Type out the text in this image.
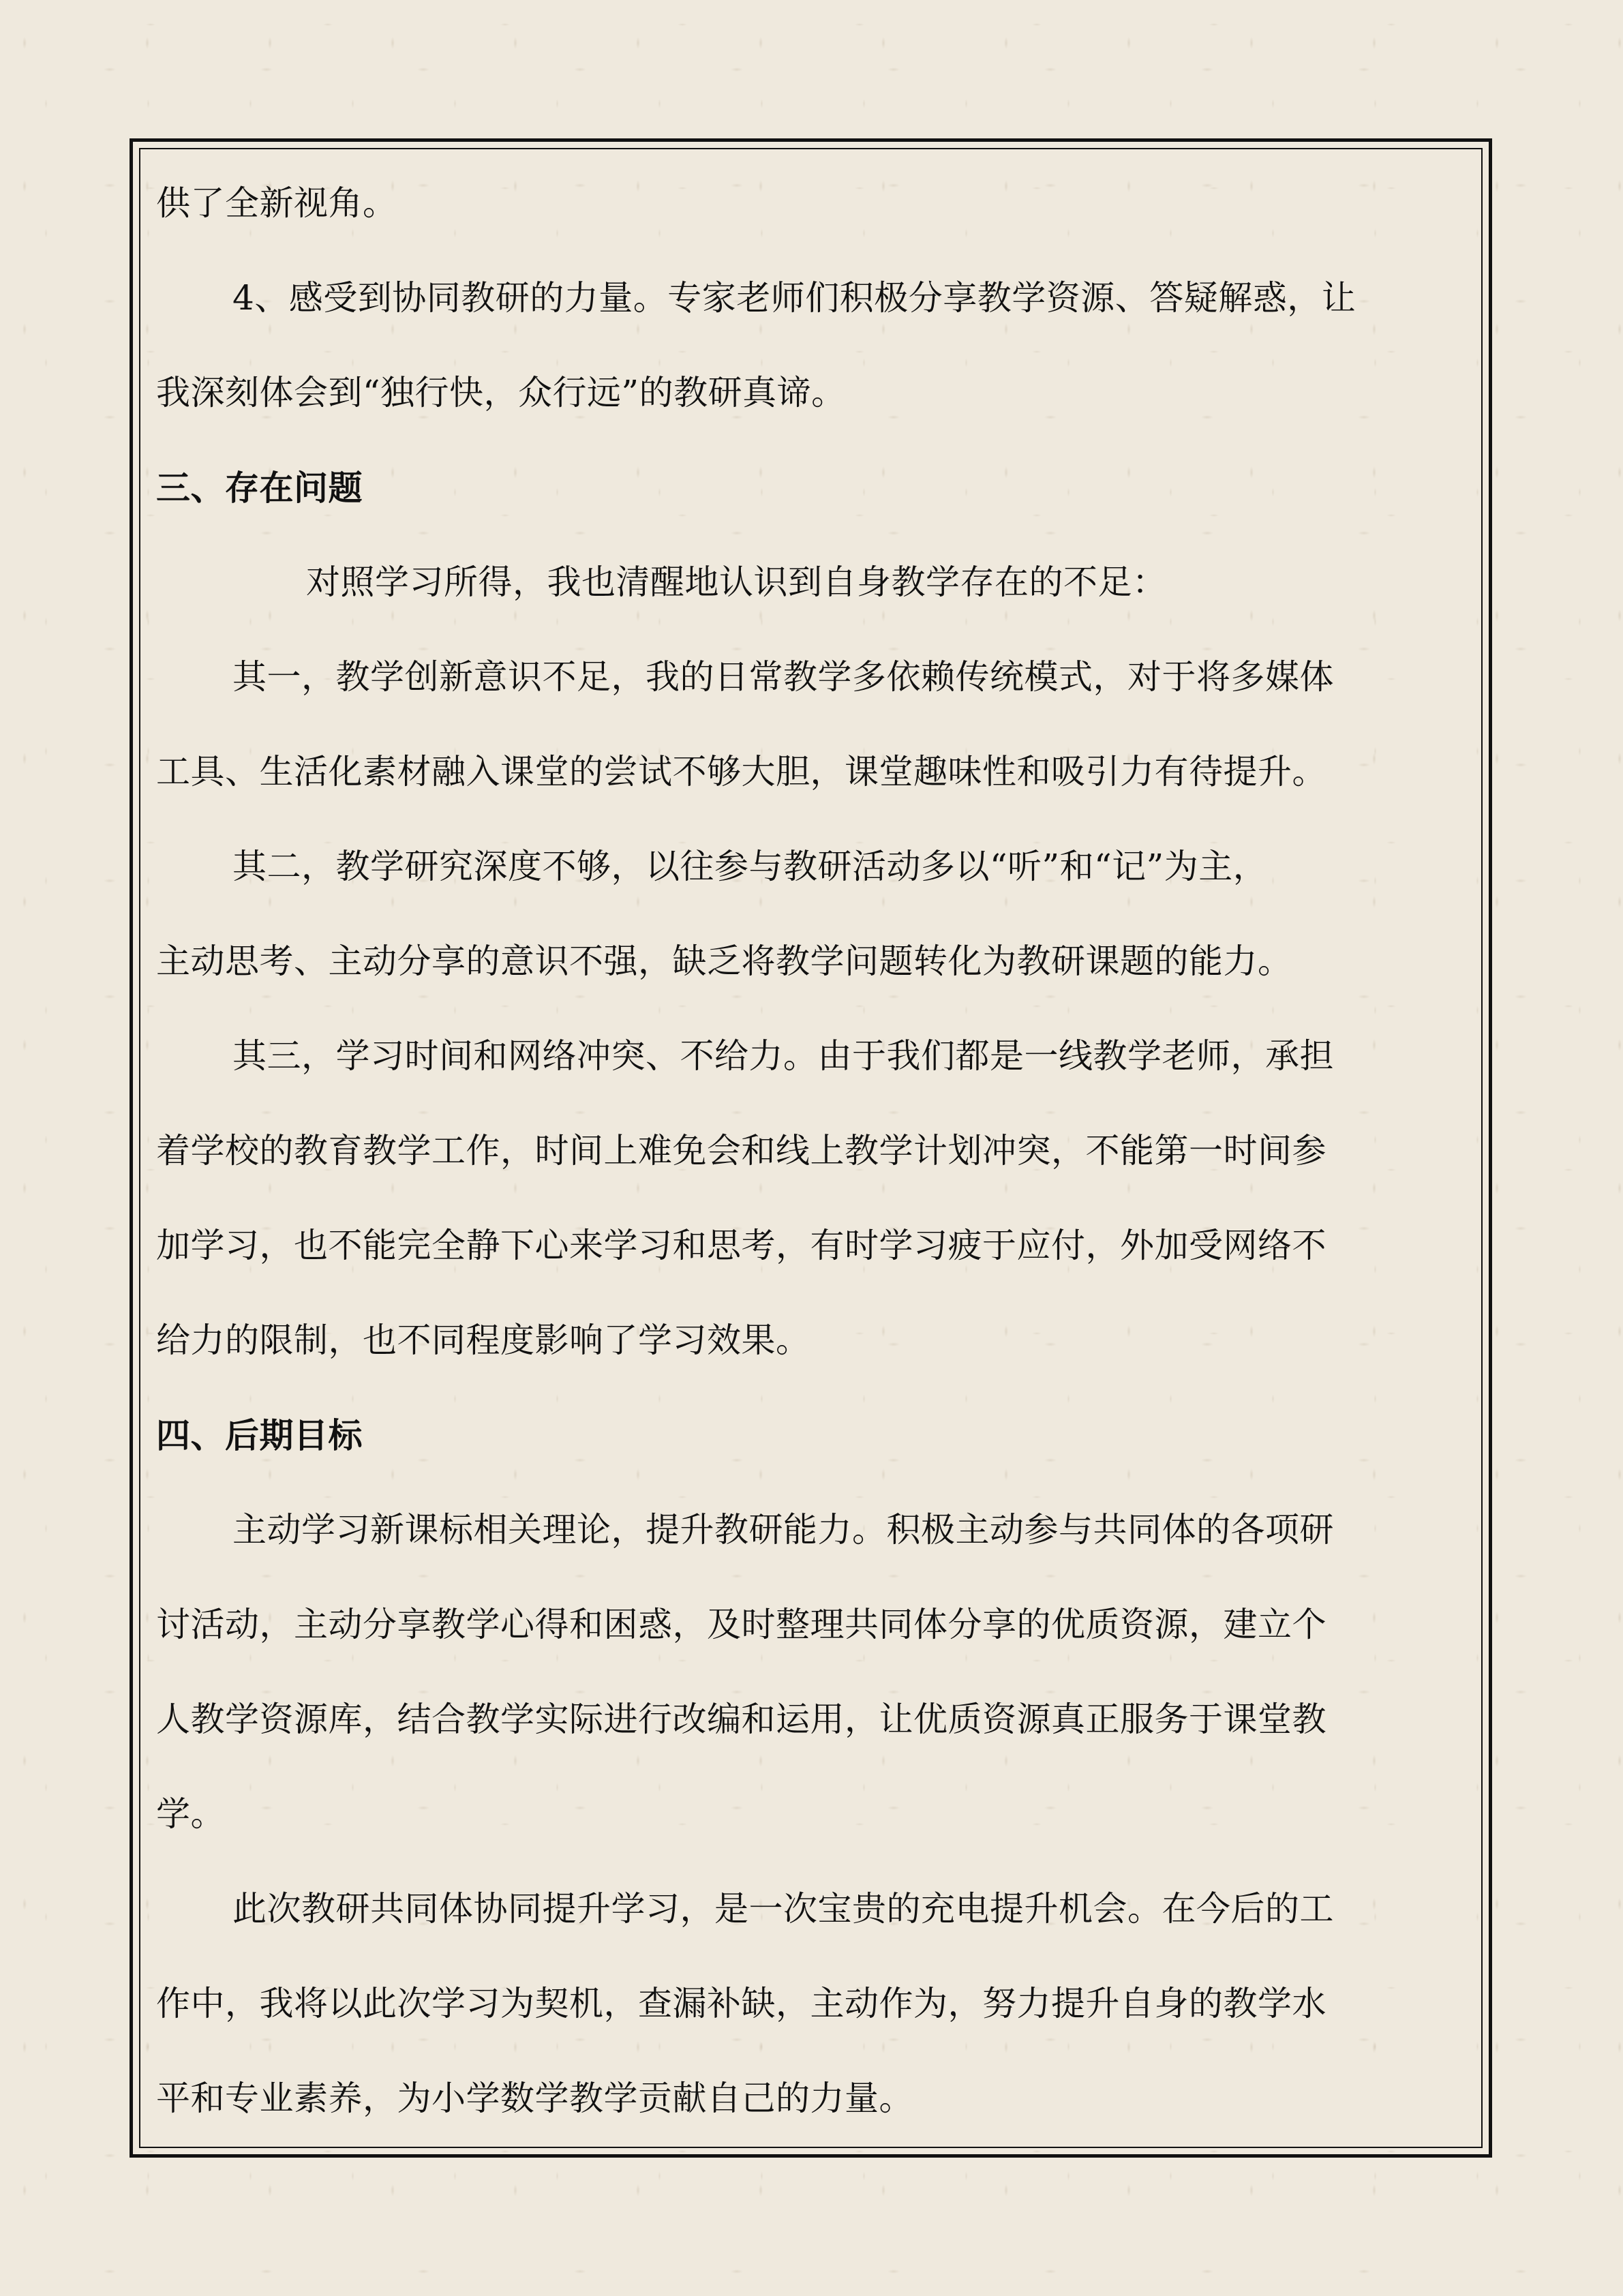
供了全新视角。
4、感受到协同教研的力量。专家老师们积极分享教学资源、答疑解惑，让
我深刻体会到“独行快，众行远”的教研真谛。
三、存在问题
对照学习所得，我也清醒地认识到自身教学存在的不足：
其一，教学创新意识不足，我的日常教学多依赖传统模式，对于将多媒体
工具、生活化素材融入课堂的尝试不够大胆，课堂趣味性和吸引力有待提升。
其二，教学研究深度不够，以往参与教研活动多以“听”和“记”为主，
主动思考、主动分享的意识不强，缺乏将教学问题转化为教研课题的能力。
其三，学习时间和网络冲突、不给力。由于我们都是一线教学老师，承担
着学校的教育教学工作，时间上难免会和线上教学计划冲突，不能第一时间参
加学习，也不能完全静下心来学习和思考，有时学习疲于应付，外加受网络不
给力的限制，也不同程度影响了学习效果。
四、后期目标
主动学习新课标相关理论，提升教研能力。积极主动参与共同体的各项研
讨活动，主动分享教学心得和困惑，及时整理共同体分享的优质资源，建立个
人教学资源库，结合教学实际进行改编和运用，让优质资源真正服务于课堂教
学。
此次教研共同体协同提升学习，是一次宝贵的充电提升机会。在今后的工
作中，我将以此次学习为契机，查漏补缺，主动作为，努力提升自身的教学水
平和专业素养，为小学数学教学贡献自己的力量。
